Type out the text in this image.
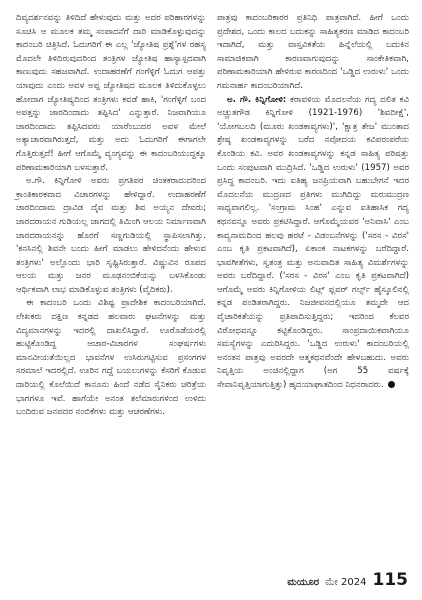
ದಿವ್ಯದರ್ಶನವನ್ನು ತಿಳಿದಿದೆ ಹೇಳುವುದು ಮತ್ತು ಅದರ ಪರಿಹಾರಗಳನ್ನು ಸೂಚಿಸಿ ಆ ಮೂಲಕ ತಮ್ಮ ಸಂಪಾದನೆಗೆ ದಾರಿ ಮಾಡಿಕೊಳ್ಳುವುದನ್ನು ಕಾದಂಬರಿ ಚಿತ್ರಿಸಿದೆ. ಓದುಗರಿಗೆ ಈ ಎಲ್ಲ 'ಜ್ಯೋತಿಷ ಪ್ರಶ್ನೆ'ಗಳ ರಹಸ್ಯ ಮೊದಲೇ ತಿಳಿದಿರುವುದರಿಂದ ತಂತ್ರಿಗಳ ಜ್ಯೋತಿಷ ಹಾಸ್ಯಾಸ್ಪದವಾಗಿ ಕಾಣುವುದು ಸಹಜವಾಗಿದೆ. ಉದಾಹರಣೆಗೆ ಗಂಗೆಳ್ಳಿಗೆ ಓದುಗ ಆಪತ್ತು ಯಾವುದು ಎಂದು ಅವಳ ಅಪ್ಪ ಜ್ಯೋತಿಷದ ಮೂಲಕ ತಿಳಿದುಕೊಳ್ಳಲು ಹೋದಾಗ ಜ್ಯೋತಿಷ್ಯದಿಂದ ತಂತ್ರಿಗಳು ಕವಡೆ ಹಾಕಿ, 'ಗಂಗೆಳ್ಳಿಗೆ ಬಂದ ಅಪತ್ತನ್ನು ಜಾರದಿಂದಾದು ತಪ್ಪಿಸಿದ' ಎನ್ನುತ್ತಾರೆ. ನಿಜವಾಗಿಯೂ ಜಾರದಿಂದಾದು ತಪ್ಪಿಸಿದವರು ಯಾರೆಂಬುದರ ಅವಳ ಮೇಲೆ ಅತ್ಯಾಚಾರವಾಗಿರುತ್ತದೆ, ಮತ್ತು ಅದು ಓದುಗರಿಗೆ ಈಗಾಗಲೇ ಗೊತ್ತಿರುತ್ತದೆ! ಹೀಗೆ ಆಗೊಮ್ಮೆ ವ್ಯಂಗ್ಯವನ್ನು ಈ ಕಾದಂಬರಿಯುದ್ದಕ್ಕೂ ಪರಿಣಾಮಕಾರಿಯಾಗಿ ಬಳಸುತ್ತಾರೆ.

ಅ.ಗೌ. ಕಿನ್ನಿಗೋಳಿ ಅವರು ಪ್ರಗತಿಪರ ಚಿಂತಕರಾದುದರಿಂದ ಕ್ರಾಂತಿಕಾರಕವಾದ ವಿಚಾರಗಳನ್ನು ಹೇಳಿದ್ದಾರೆ. ಉದಾಹರಣೆಗೆ ಜಾರದಿಂದಾಮ ದ್ರಾವಿಡ ದೈವ ಮತ್ತು ಶಿವ ಅಯ್ಯನ ದೇವರು; ಜಾರದರಾಯನ ಗುಡಿಯಲ್ಲ ಜಾಗದಲ್ಲಿ ತಿಮಿಂಗಿ ಆಲಯ ನಿರ್ಮಾಣವಾಗಿ ಜಾರದರಾಯನನ್ನು ಹೊರಗೆ ಸಣ್ಣಗುಡಿಯಲ್ಲಿ ಸ್ಥಾಪಿಸಲಾಗಿತ್ತು. 'ಕನಸಿನಲ್ಲಿ ಶಿವನೇ ಬಂದು ಹೀಗೆ ಮಾಡಲು ಹೇಳಿದನೆಂದು ಹೇಳುವ ತಂತ್ರಿಗಳು' ಅಲ್ಲೊಂದು ಭಾರಿ ಸೃಷ್ಟಿಸಿರುತ್ತಾರೆ. ವಿಷ್ಣುವಿನ ರೂಪದ ಆಲಯ ಮತ್ತು ಜನರ ಮೂಢನಂಬಿಕೆಯನ್ನು ಬಳಸಿಕೊಂಡು ಆರ್ಥಿಕವಾಗಿ ಲಾಭ ಮಾಡಿಕೊಳ್ಳುವ ತಂತ್ರಿಗಳು (ವೈದಿಕರು).

ಈ ಕಾದಂಬರಿ ಒಂದು ವಿಶಿಷ್ಟ ಪ್ರಾದೇಶಿಕ ಕಾದಂಬರಿಯಾಗಿದೆ. ಲೇಖಕರು ದಕ್ಷಿಣ ಕನ್ನಡದ ಹಲವಾರು ಘಟನೆಗಳನ್ನು ಮತ್ತು ವಿದ್ಯಮಾನಗಳನ್ನು ಇದರಲ್ಲಿ ದಾಖಲಿಸಿದ್ದಾರೆ. ಊರೊಡೆಯರಲ್ಲಿ ಹುಟ್ಟಿಕೊಂಡಿದ್ದ ಆಚಾರ-ವಿಚಾರಗಳ ಸಂಘರ್ಷಗಳು ಮಾನವೀಯತೆಯಿಲ್ಲದ ಭಾವನೆಗಳ ಉಸಿರುಗಟ್ಟಿಸುವ ಪ್ರಸಂಗಗಳ ಸರಮಾಲೆ ಇದರಲ್ಲಿದೆ. ಊರಿನ ಗದ್ದೆ ಬಯಲುಗಳನ್ನು ಕೆಸರಿಗೆ ಕೊಡುವ ದಾರಿಯಲ್ಲಿ ಕೊಲೆಯಿದೆ ಕಾನೂನು ಹಿಂದೆ ನಡೆದ ಸೈನಿಕರು ಚರಿತ್ರೆಯ ಭಾಗಗಳೂ ಇವೆ. ಹಾಗೆಯೇ ಅನಂತ ತಲೆಮಾರುಗಳಿಂದ ಉಳಿದು ಬಂದಿರುವ ಜನಪದರ ನಂಬಿಕೆಗಳು ಮತ್ತು ಆಚರಣೆಗಳು.

ಪಾತ್ರವು ಕಾದಂಬರಿಕಾರರ ಪ್ರತಿನಿಧಿ ಪಾತ್ರವಾಗಿದೆ. ಹೀಗೆ ಒಂದು ಪ್ರದೇಶದ, ಒಂದು ಕಾಲದ ಬದುಕನ್ನು ಸಾಹಿತ್ಯಕರಣ ಮಾಡಿದ ಕಾದಂಬರಿ ಇದಾಗಿದೆ, ಮತ್ತು ವಾಸ್ತವಿಕತೆಯ ಹಿನ್ನೆಲೆಯಲ್ಲಿ ಬದುಕಿನ ಸಾಮಾಜಿಕವಾಗಿ ಕಾರಣವಾಗುವುದನ್ನು ಸಾಂಕೇತಿಕವಾಗಿ, ಪರಿಣಾಮಕಾರಿಯಾಗಿ ಹೇಳಿರುವ ಕಾರಣದಿಂದ 'ಒಡ್ಡಿದ ಉರುಳು' ಒಂದು ಗಮನಾರ್ಹ ಕಾದಂಬರಿಯಾಗಿದೆ.

ಅ. ಗೌ. ಕಿನ್ನಿಗೋಳಿ: ಕರಾವಳಿಯ ಮೊದಲನೆಯ ಗದ್ಯ ದಲಿತ ಕವಿ ಅಚ್ಚುತಗೌಡ ಕಿನ್ನಿಗೋಳಿ (1921-1976) 'ಶಿವದೀಕ್ಷೆ', 'ಯೋಗಬಲದಿ (ಮೂರು ಖಂಡಕಾವ್ಯಗಳು)', 'ಕ್ಷಾತ್ರ ತೇಜ' ಮುಂತಾದ ಶ್ರೇಷ್ಠ ಖಂಡಕಾವ್ಯಗಳನ್ನು ಬರೆದ ನವೋದಯ ಕವಿಪರಂಪರೆಯ ಕೊಂಡಿಯ ಕವಿ. ಅವರ ಖಂಡಕಾವ್ಯಗಳನ್ನು ಕನ್ನಡ ಸಾಹಿತ್ಯ ಪರಿಷತ್ತು ಒಂದು ಸಂಪುಟವಾಗಿ ಮುದ್ರಿಸಿದೆ. 'ಒಡ್ಡಿದ ಉರುಳು' (1957) ಅವರ ಪ್ರಸಿದ್ಧ ಕಾದಂಬರಿ. ಇದು ಐತಿಹ್ಯ ಜನಪ್ರಿಯವಾಗಿ ಬಹುಬೇಗನೆ ಇದರ ಮೊದಲನೆಯ ಮುದ್ರಣದ ಪ್ರತಿಗಳು ಮುಗಿದಿದ್ದು ಮರುಮುದ್ರಣ ಸಾಧ್ಯವಾಗಲಿಲ್ಲ. 'ಸಂಗ್ರಾಮ ಸಿಂಹ' ಎನ್ನುವ ಐತಿಹಾಸಿಕ ಗದ್ಯ ಕಥನವನ್ನೂ ಅವರು ಪ್ರಕಟಿಸಿದ್ದಾರೆ. ಆಗೊಮ್ಮೆಯವರ 'ಅನಿವಾಸಿ' ಎಂಬ ಕಾವ್ಯನಾಮದಿಂದ ಹಲವು ಹರಟೆ - ವಿಡಂಬನೆಗಳನ್ನು ('ಸರಸ - ವಿರಸ' ಎಂಬ ಕೃತಿ ಪ್ರಕಟವಾಗಿದೆ), ಏಕಾಂಕ ನಾಟಕಗಳನ್ನು ಬರೆದಿದ್ದಾರೆ. ಭಾವಗೀತೆಗಳು, ಸ್ವತಂತ್ರ ಮತ್ತು ಅನುವಾದಿತ ಸಾಹಿತ್ಯ ವಿಮರ್ಶೆಗಳನ್ನು ಅವರು ಬರೆದಿದ್ದಾರೆ. ('ಸರಸ - ವಿರಸ' ಎಂಬ ಕೃತಿ ಪ್ರಕಟವಾಗಿದೆ) ಆಗೊಮ್ಮೆ ಅವರು ಕಿನ್ನಿಗೋಳಿಯ ಲಿಟ್ಲ್ ಫ್ಲವರ್ ಗರ್ಲ್ಸ್ ಹೈಸ್ಕೂಲಿನಲ್ಲಿ ಕನ್ನಡ ಪಂಡಿತರಾಗಿದ್ದರು. ನಿಜಜೀವನದಲ್ಲಿಯೂ ತಮ್ಮದೇ ಆದ ವೈಚಾರಿಕತೆಯನ್ನು ಪ್ರತಿಪಾದಿಸುತ್ತಿದ್ದರು; ಇದರಿಂದ ಕೆಲವರ ವಿರೋಧವನ್ನೂ ಕಟ್ಟಿಕೊಂಡಿದ್ದರು. ಸಾಂಪ್ರದಾಯಿಕವಾಗಿಯೂ ಸಮಸ್ಯೆಗಳನ್ನು ಎದುರಿಸಿದ್ದರು. 'ಒಡ್ಡಿದ ಉರುಳು' ಕಾದಂಬರಿಯಲ್ಲಿ ಅನಂತನ ಪಾತ್ರವು ಅವರದೇ ಆತ್ಮಕಥನವೆಂದೇ ಹೇಳಬಹುದು. ಅವರು ನಿವೃತ್ತಿಯ ಅಂಚಿನಲ್ಲಿದ್ದಾಗ (ಅಗ 55 ವರ್ಷಕ್ಕೆ ಸೇವಾನಿವೃತ್ತಿಯಾಗುತ್ತಿತ್ತು) ಹೃದಯಾಘಾತದಿಂದ ನಿಧನರಾದರು.

ಮಯೂರ ಮೇ 2024 115
